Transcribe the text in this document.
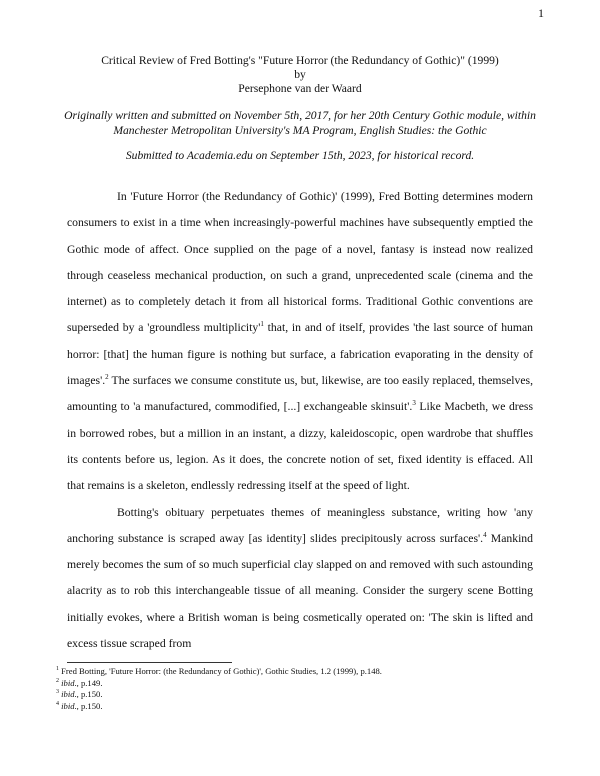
1
Critical Review of Fred Botting's "Future Horror (the Redundancy of Gothic)" (1999)
by
Persephone van der Waard
Originally written and submitted on November 5th, 2017, for her 20th Century Gothic module, within
Manchester Metropolitan University's MA Program, English Studies: the Gothic
Submitted to Academia.edu on September 15th, 2023, for historical record.

In 'Future Horror (the Redundancy of Gothic)' (1999), Fred Botting determines modern consumers to exist in a time when increasingly-powerful machines have subsequently emptied the Gothic mode of affect. Once supplied on the page of a novel, fantasy is instead now realized through ceaseless mechanical production, on such a grand, unprecedented scale (cinema and the internet) as to completely detach it from all historical forms. Traditional Gothic conventions are superseded by a 'groundless $multiplicity'^1$ that, in and of itself, provides 'the last source of human horror: [that] the human figure is nothing but surface, a fabrication evaporating in the density of images'.$^2$ The surfaces we consume constitute us, but, likewise, are too easily replaced, themselves, amounting to 'a manufactured, commodified, [...] exchangeable skinsuit'.$^3$ Like Macbeth, we dress in borrowed robes, but a million in an instant, a dizzy, kaleidoscopic, open wardrobe that shuffles its contents before us, legion. As it does, the concrete notion of set, fixed identity is effaced. All that remains is a skeleton, endlessly redressing itself at the speed of light.

Botting's obituary perpetuates themes of meaningless substance, writing how 'any anchoring substance is scraped away [as identity] slides precipitously across surfaces'.$^4$ Mankind merely becomes the sum of so much superficial clay slapped on and removed with such astounding alacrity as to rob this interchangeable tissue of all meaning. Consider the surgery scene Botting initially evokes, where a British woman is being cosmetically operated on: 'The skin is lifted and excess tissue scraped from

$^1$ Fred Botting, 'Future Horror: (the Redundancy of Gothic)', Gothic Studies, 1.2 (1999), p.148.
$^2$ ibid., p.149.
$^3$ ibid., p.150.
$^4$ ibid., p.150.
